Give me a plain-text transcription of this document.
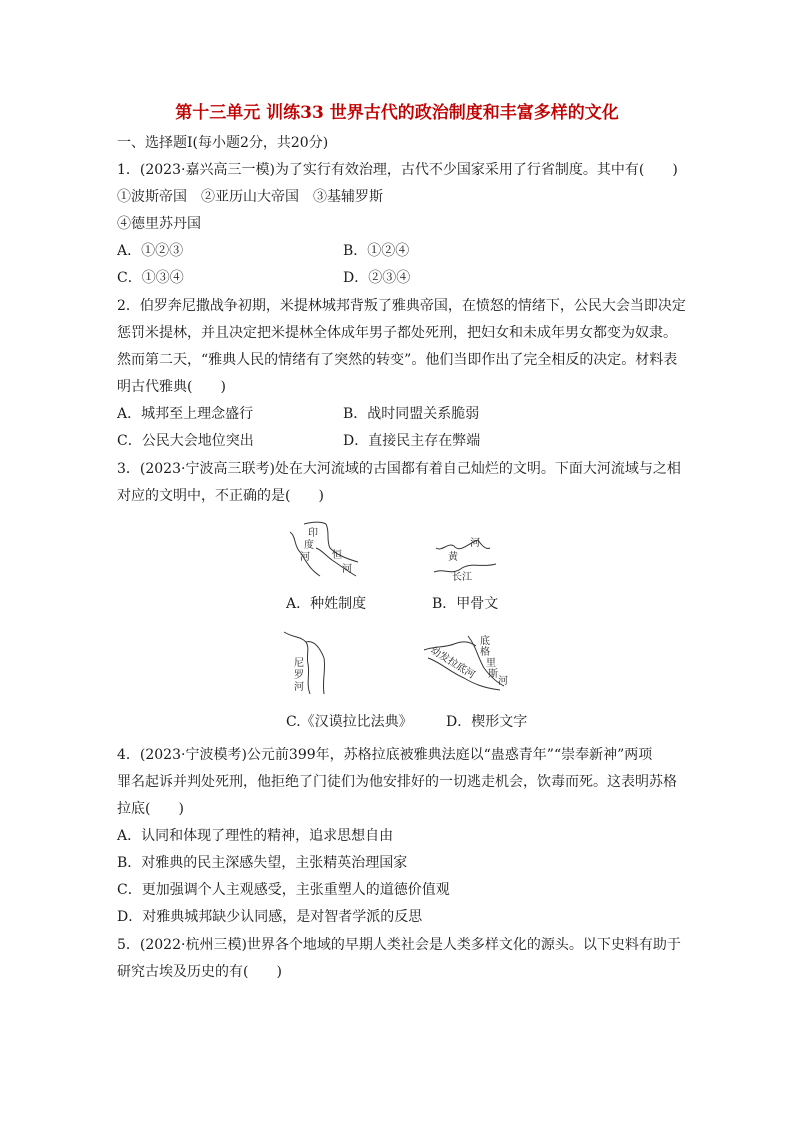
第十三单元 训练33 世界古代的政治制度和丰富多样的文化
一、选择题Ⅰ(每小题2分，共20分)
1．(2023·嘉兴高三一模)为了实行有效治理，古代不少国家采用了行省制度。其中有(　　)
①波斯帝国　②亚历山大帝国　③基辅罗斯
④德里苏丹国
A．①②③	B．①②④
C．①③④	D．②③④
2．伯罗奔尼撒战争初期，米提林城邦背叛了雅典帝国，在愤怒的情绪下，公民大会当即决定
惩罚米提林，并且决定把米提林全体成年男子都处死刑，把妇女和未成年男女都变为奴隶。
然而第二天，“雅典人民的情绪有了突然的转变”。他们当即作出了完全相反的决定。材料表
明古代雅典(　　)
A．城邦至上理念盛行	B．战时同盟关系脆弱
C．公民大会地位突出	D．直接民主存在弊端
3．(2023·宁波高三联考)处在大河流域的古国都有着自己灿烂的文明。下面大河流域与之相
对应的文明中，不正确的是(　　)
印
度
河 恒
河
A．种姓制度
黄
河
长江
B．甲骨文
尼
罗
河
C.《汉谟拉比法典》
底
格
里
斯
河
幼发拉底河
D．楔形文字
4．(2023·宁波模考)公元前399年，苏格拉底被雅典法庭以“蛊惑青年”“崇奉新神”两项
罪名起诉并判处死刑，他拒绝了门徒们为他安排好的一切逃走机会，饮毒而死。这表明苏格
拉底(　　)
A．认同和体现了理性的精神，追求思想自由
B．对雅典的民主深感失望，主张精英治理国家
C．更加强调个人主观感受，主张重塑人的道德价值观
D．对雅典城邦缺少认同感，是对智者学派的反思
5．(2022·杭州三模)世界各个地域的早期人类社会是人类多样文化的源头。以下史料有助于
研究古埃及历史的有(　　)
